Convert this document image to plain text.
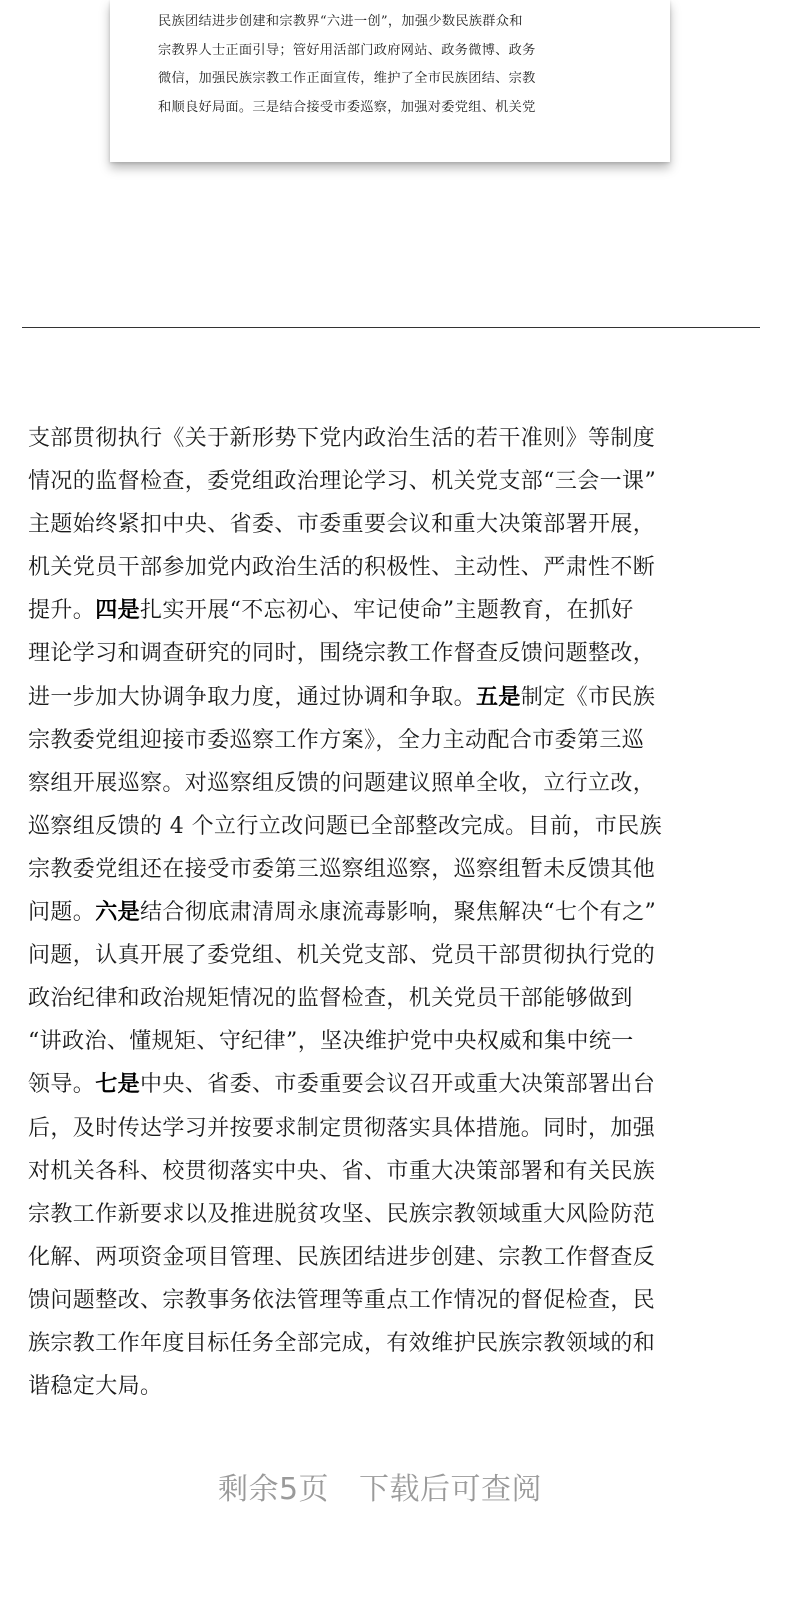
民族团结进步创建和宗教界“六进一创”，加强少数民族群众和
宗教界人士正面引导；管好用活部门政府网站、政务微博、政务
微信，加强民族宗教工作正面宣传，维护了全市民族团结、宗教
和顺良好局面。三是结合接受市委巡察，加强对委党组、机关党
支部贯彻执行《关于新形势下党内政治生活的若干准则》等制度
情况的监督检查，委党组政治理论学习、机关党支部“三会一课”
主题始终紧扣中央、省委、市委重要会议和重大决策部署开展，
机关党员干部参加党内政治生活的积极性、主动性、严肃性不断
提升。四是扎实开展“不忘初心、牢记使命”主题教育，在抓好
理论学习和调查研究的同时，围绕宗教工作督查反馈问题整改，
进一步加大协调争取力度，通过协调和争取。五是制定《市民族
宗教委党组迎接市委巡察工作方案》，全力主动配合市委第三巡
察组开展巡察。对巡察组反馈的问题建议照单全收，立行立改，
巡察组反馈的 4 个立行立改问题已全部整改完成。目前，市民族
宗教委党组还在接受市委第三巡察组巡察，巡察组暂未反馈其他
问题。六是结合彻底肃清周永康流毒影响，聚焦解决“七个有之”
问题，认真开展了委党组、机关党支部、党员干部贯彻执行党的
政治纪律和政治规矩情况的监督检查，机关党员干部能够做到
“讲政治、懂规矩、守纪律”，坚决维护党中央权威和集中统一
领导。七是中央、省委、市委重要会议召开或重大决策部署出台
后，及时传达学习并按要求制定贯彻落实具体措施。同时，加强
对机关各科、校贯彻落实中央、省、市重大决策部署和有关民族
宗教工作新要求以及推进脱贫攻坚、民族宗教领域重大风险防范
化解、两项资金项目管理、民族团结进步创建、宗教工作督查反
馈问题整改、宗教事务依法管理等重点工作情况的督促检查，民
族宗教工作年度目标任务全部完成，有效维护民族宗教领域的和
谐稳定大局。
剩余5页 下载后可查阅
